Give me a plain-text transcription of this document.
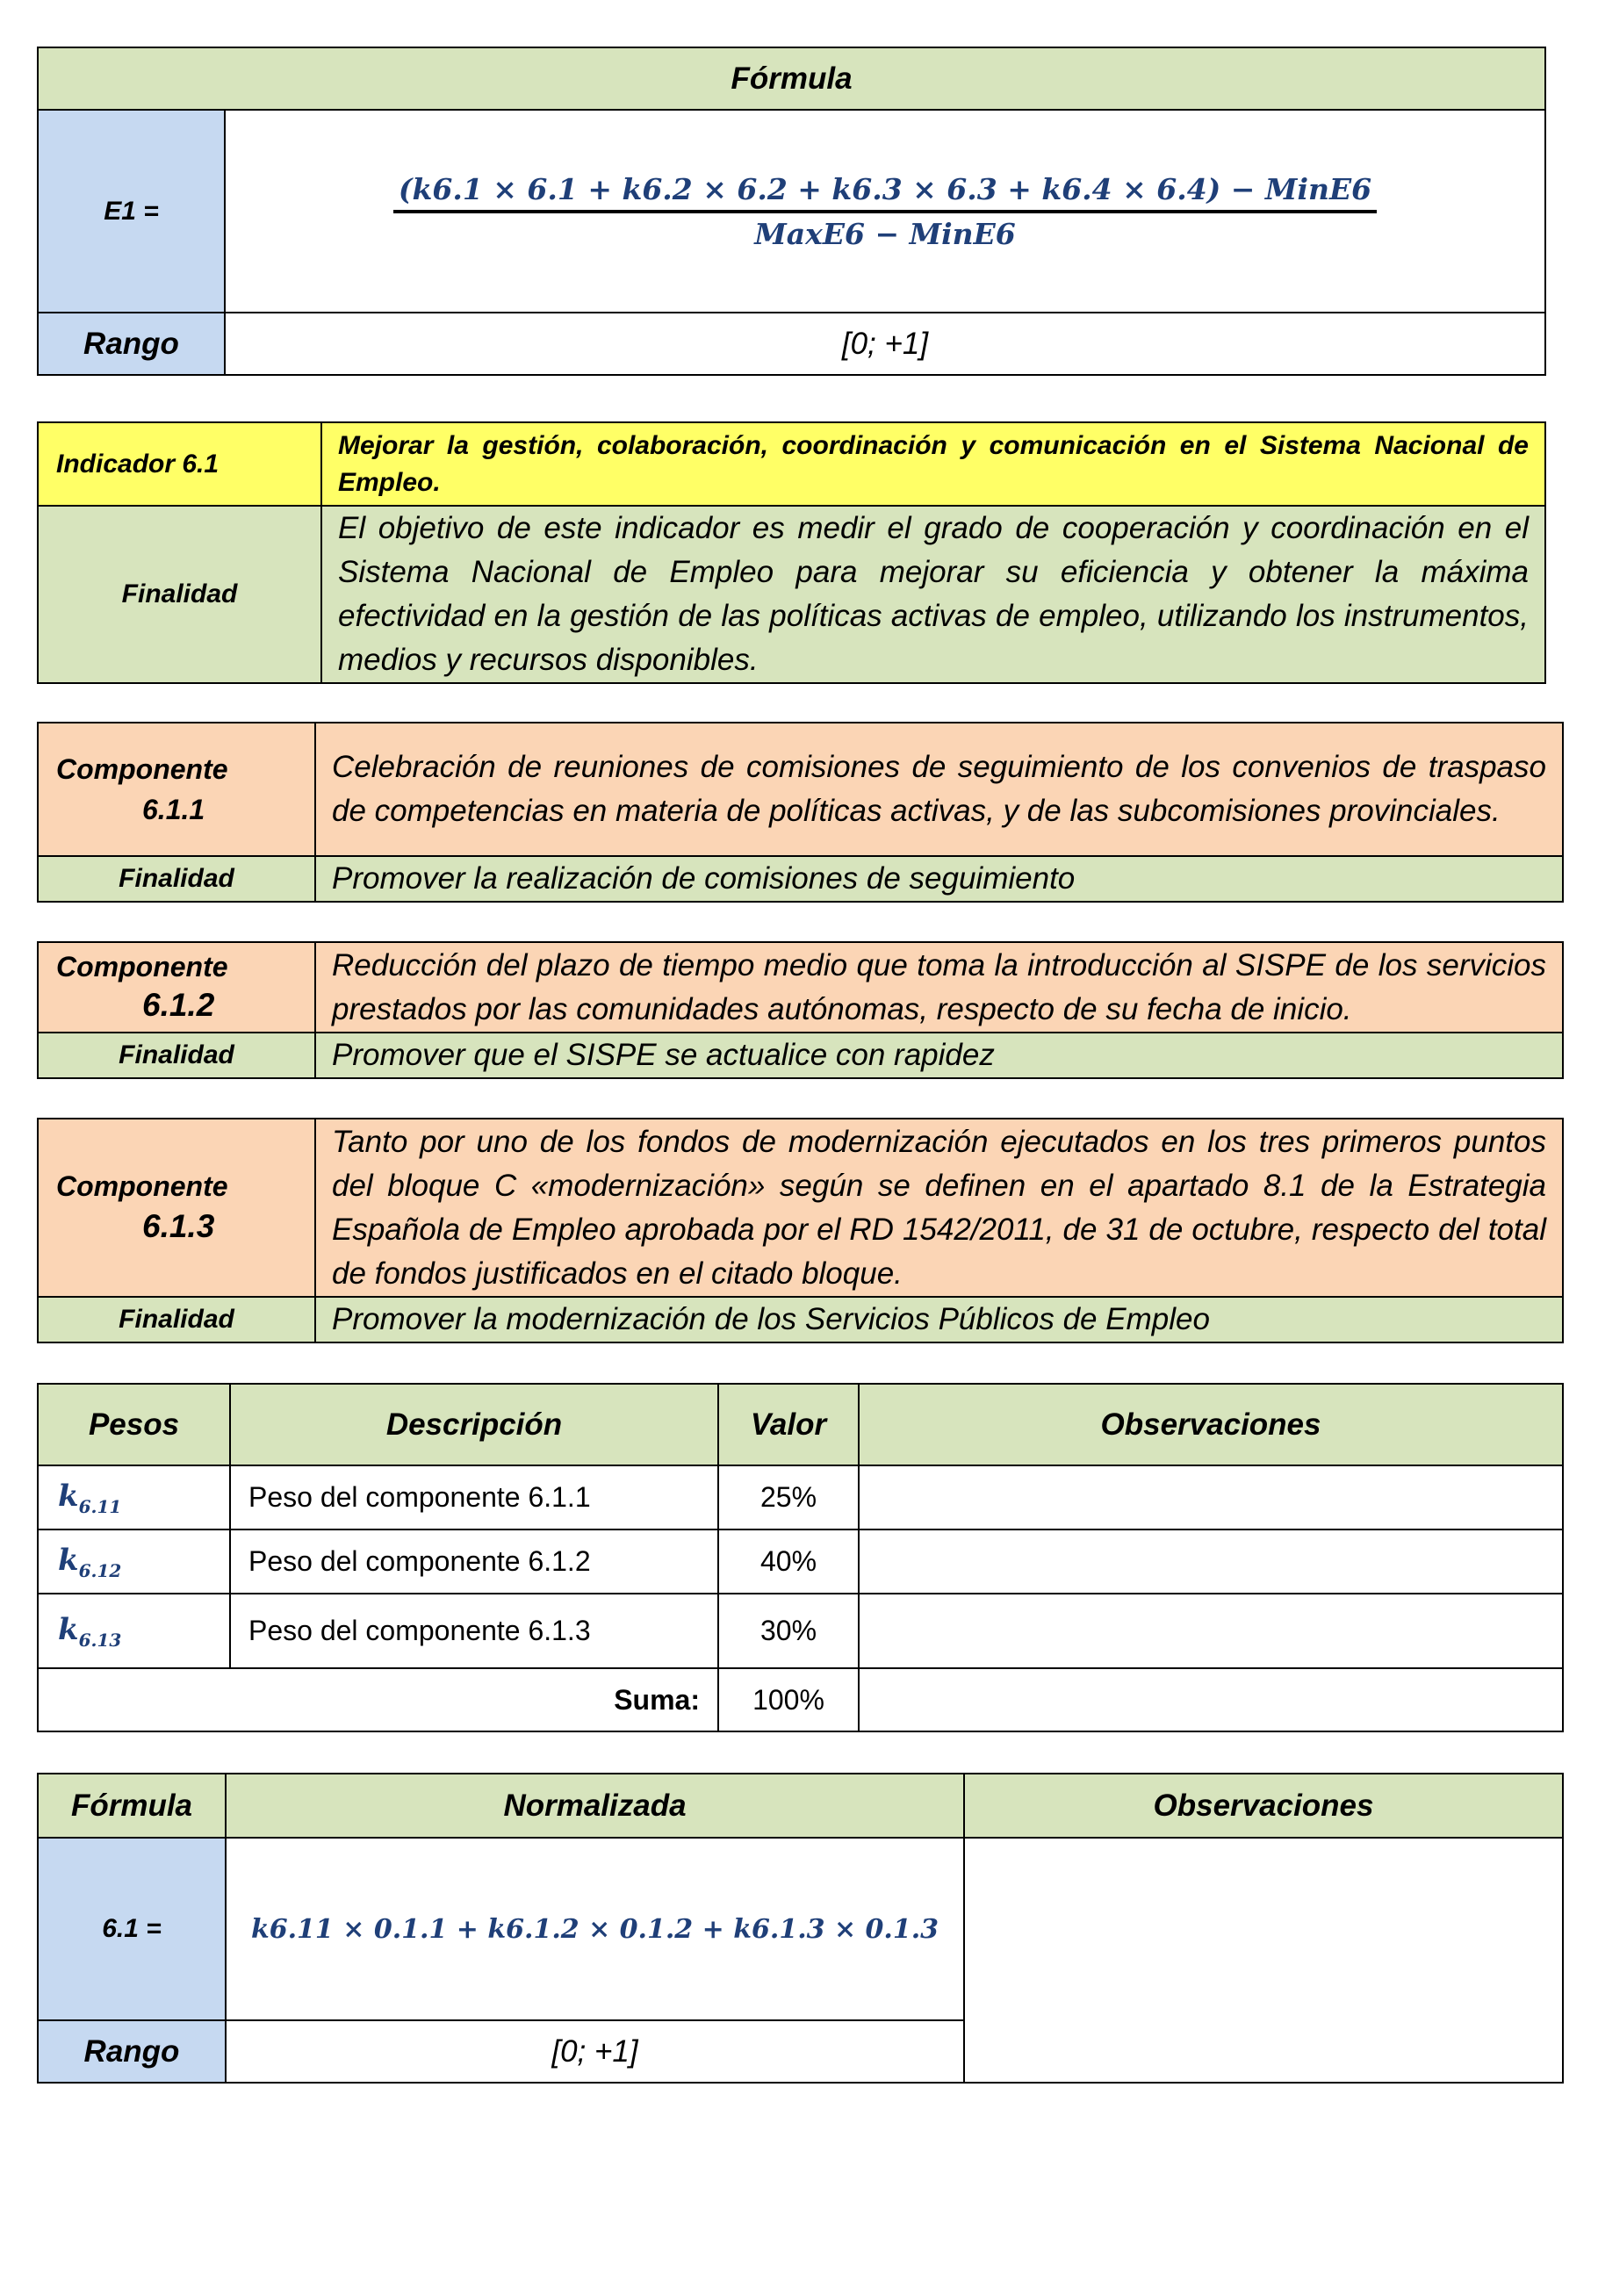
Fórmula	
E1 =	$\frac{\text{(k6.1 × 6.1 + k6.2 × 6.2 + k6.3 × 6.3 + k6.4 × 6.4) − MinE6}}{\text{MaxE6 − MinE6}}$

Rango	[0; +1]
Indicador 6.1	Mejorar la gestión, colaboración, coordinación y comunicación en el Sistema Nacional de Empleo.
Finalidad	El objetivo de este indicador es medir el grado de cooperación y coordinación en el Sistema Nacional de Empleo para mejorar su eficiencia y obtener la máxima efectividad en la gestión de las políticas activas de empleo, utilizando los instrumentos, medios y recursos disponibles.
Componente
6.1.1	Celebración de reuniones de comisiones de seguimiento de los convenios de traspaso de competencias en materia de políticas activas, y de las subcomisiones provinciales.
Finalidad	Promover la realización de comisiones de seguimiento
Componente
6.1.2	Reducción del plazo de tiempo medio que toma la introducción al SISPE de los servicios prestados por las comunidades autónomas, respecto de su fecha de inicio.
Finalidad	Promover que el SISPE se actualice con rapidez
Componente
6.1.3	Tanto por uno de los fondos de modernización ejecutados en los tres primeros puntos del bloque C «modernización» según se definen en el apartado 8.1 de la Estrategia Española de Empleo aprobada por el RD 1542/2011, de 31 de octubre, respecto del total de fondos justificados en el citado bloque.
Finalidad	Promover la modernización de los Servicios Públicos de Empleo
Pesos	Descripción	Valor	Observaciones
$k_{6.11}$	Peso del componente 6.1.1	25%	
$k_{6.12}$	Peso del componente 6.1.2	40%	
$k_{6.13}$	Peso del componente 6.1.3	30%	
Suma:		100%	
Fórmula	Normalizada	Observaciones
6.1 =	k6.11 × 0.1.1 + k6.1.2 × 0.1.2 + k6.1.3 × 0.1.3	
Rango	[0; +1]	
